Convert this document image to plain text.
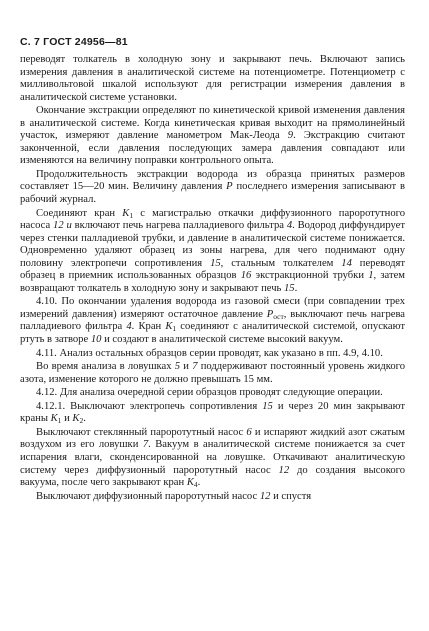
С. 7 ГОСТ 24956—81

переводят толкатель в холодную зону и закрывают печь. Включают запись измерения давления в аналитической системе на потенциометре. Потенциометр с милливольтовой шкалой используют для регистрации измерения давления в аналитической системе установки.

Окончание экстракции определяют по кинетической кривой изменения давления в аналитической системе. Когда кинетическая кривая выходит на прямолинейный участок, измеряют давление манометром Мак-Леода 9. Экстракцию считают законченной, если давления последующих замера давления совпадают или изменяются на величину поправки контрольного опыта.

Продолжительность экстракции водорода из образца принятых размеров составляет 15—20 мин. Величину давления P последнего измерения записывают в рабочий журнал.

Соединяют кран $K_1$ с магистралью откачки диффузионного пароротутного насоса 12 и включают печь нагрева палладиевого фильтра 4. Водород диффундирует через стенки палладиевой трубки, и давление в аналитической системе понижается. Одновременно удаляют образец из зоны нагрева, для чего поднимают одну половину электропечи сопротивления 15, стальным толкателем 14 переводят образец в приемник использованных образцов 16 экстракционной трубки 1, затем возвращают толкатель в холодную зону и закрывают печь 15.

4.10. По окончании удаления водорода из газовой смеси (при совпадении трех измерений давления) измеряют остаточное давление $P_{ост}$, выключают печь нагрева палладиевого фильтра 4. Кран $K_1$ соединяют с аналитической системой, опускают ртуть в затворе 10 и создают в аналитической системе высокий вакуум.

4.11. Анализ остальных образцов серии проводят, как указано в пп. 4.9, 4.10.

Во время анализа в ловушках 5 и 7 поддерживают постоянный уровень жидкого азота, изменение которого не должно превышать 15 мм.

4.12. Для анализа очередной серии образцов проводят следующие операции.

4.12.1. Выключают электропечь сопротивления 15 и через 20 мин закрывают краны $K_1$ и $K_2$.

Выключают стеклянный пароротутный насос 6 и испаряют жидкий азот сжатым воздухом из его ловушки 7. Вакуум в аналитической системе понижается за счет испарения влаги, сконденсированной на ловушке. Откачивают аналитическую систему через диффузионный пароротутный насос 12 до создания высокого вакуума, после чего закрывают кран $K_4$.

Выключают диффузионный пароротутный насос 12 и спустя
